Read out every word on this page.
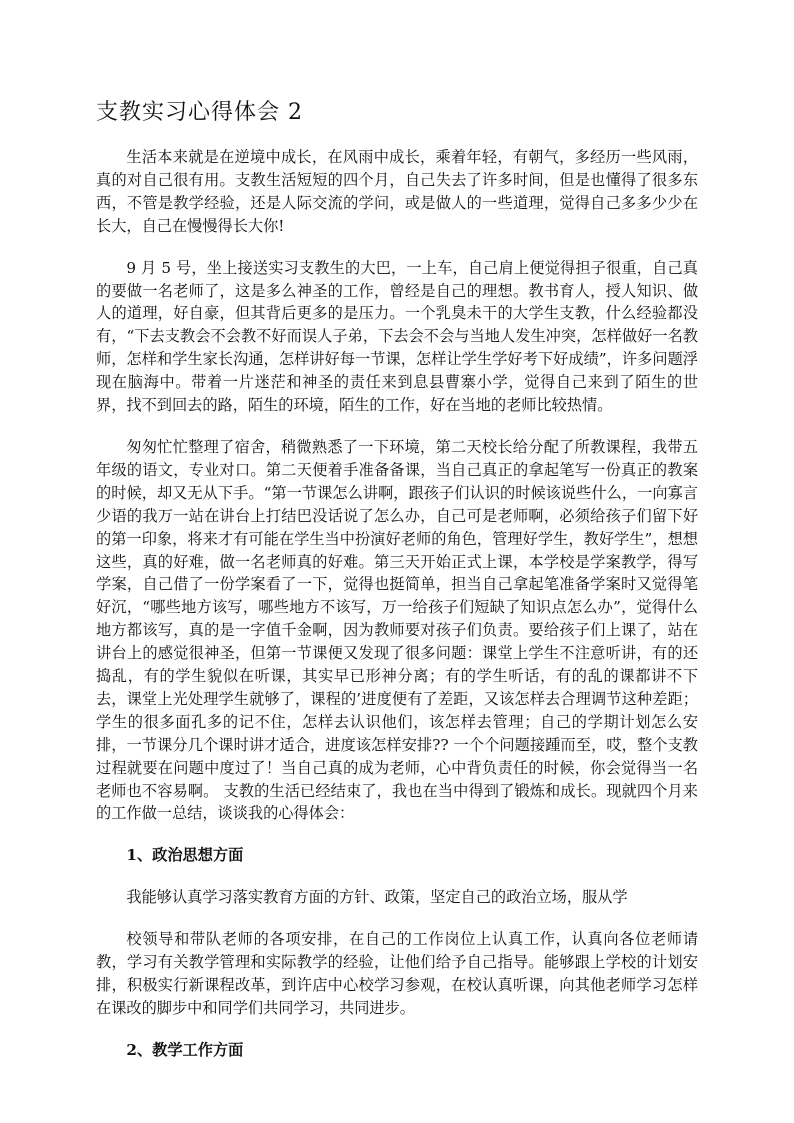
支教实习心得体会 2

生活本来就是在逆境中成长，在风雨中成长，乘着年轻，有朝气，多经历一些风雨，真的对自己很有用。支教生活短短的四个月，自己失去了许多时间，但是也懂得了很多东西，不管是教学经验，还是人际交流的学问，或是做人的一些道理，觉得自己多多少少在长大，自己在慢慢得长大你!

9 月 5 号，坐上接送实习支教生的大巴，一上车，自己肩上便觉得担子很重，自己真的要做一名老师了，这是多么神圣的工作，曾经是自己的理想。教书育人，授人知识、做人的道理，好自豪，但其背后更多的是压力。一个乳臭未干的大学生支教，什么经验都没有，“下去支教会不会教不好而误人子弟，下去会不会与当地人发生冲突，怎样做好一名教师，怎样和学生家长沟通，怎样讲好每一节课，怎样让学生学好考下好成绩”，许多问题浮现在脑海中。带着一片迷茫和神圣的责任来到息县曹寨小学，觉得自己来到了陌生的世界，找不到回去的路，陌生的环境，陌生的工作，好在当地的老师比较热情。

匆匆忙忙整理了宿舍，稍微熟悉了一下环境，第二天校长给分配了所教课程，我带五年级的语文，专业对口。第二天便着手准备备课，当自己真正的拿起笔写一份真正的教案的时候，却又无从下手。“第一节课怎么讲啊，跟孩子们认识的时候该说些什么，一向寡言少语的我万一站在讲台上打结巴没话说了怎么办，自己可是老师啊，必须给孩子们留下好的第一印象，将来才有可能在学生当中扮演好老师的角色，管理好学生，教好学生”，想想这些，真的好难，做一名老师真的好难。第三天开始正式上课，本学校是学案教学，得写学案，自己借了一份学案看了一下，觉得也挺简单，担当自己拿起笔准备学案时又觉得笔好沉，“哪些地方该写，哪些地方不该写，万一给孩子们短缺了知识点怎么办”，觉得什么地方都该写，真的是一字值千金啊，因为教师要对孩子们负责。要给孩子们上课了，站在讲台上的感觉很神圣，但第一节课便又发现了很多问题：课堂上学生不注意听讲，有的还捣乱，有的学生貌似在听课，其实早已形神分离；有的学生听话，有的乱的课都讲不下去，课堂上光处理学生就够了，课程的’进度便有了差距，又该怎样去合理调节这种差距；学生的很多面孔多的记不住，怎样去认识他们，该怎样去管理；自己的学期计划怎么安排，一节课分几个课时讲才适合，进度该怎样安排?? 一个个问题接踵而至，哎，整个支教过程就要在问题中度过了！当自己真的成为老师，心中背负责任的时候，你会觉得当一名老师也不容易啊。 支教的生活已经结束了，我也在当中得到了锻炼和成长。现就四个月来的工作做一总结，谈谈我的心得体会：

1、政治思想方面

我能够认真学习落实教育方面的方针、政策，坚定自己的政治立场，服从学

校领导和带队老师的各项安排，在自己的工作岗位上认真工作，认真向各位老师请教，学习有关教学管理和实际教学的经验，让他们给予自己指导。能够跟上学校的计划安排，积极实行新课程改革，到许店中心校学习参观，在校认真听课，向其他老师学习怎样在课改的脚步中和同学们共同学习，共同进步。

2、教学工作方面
